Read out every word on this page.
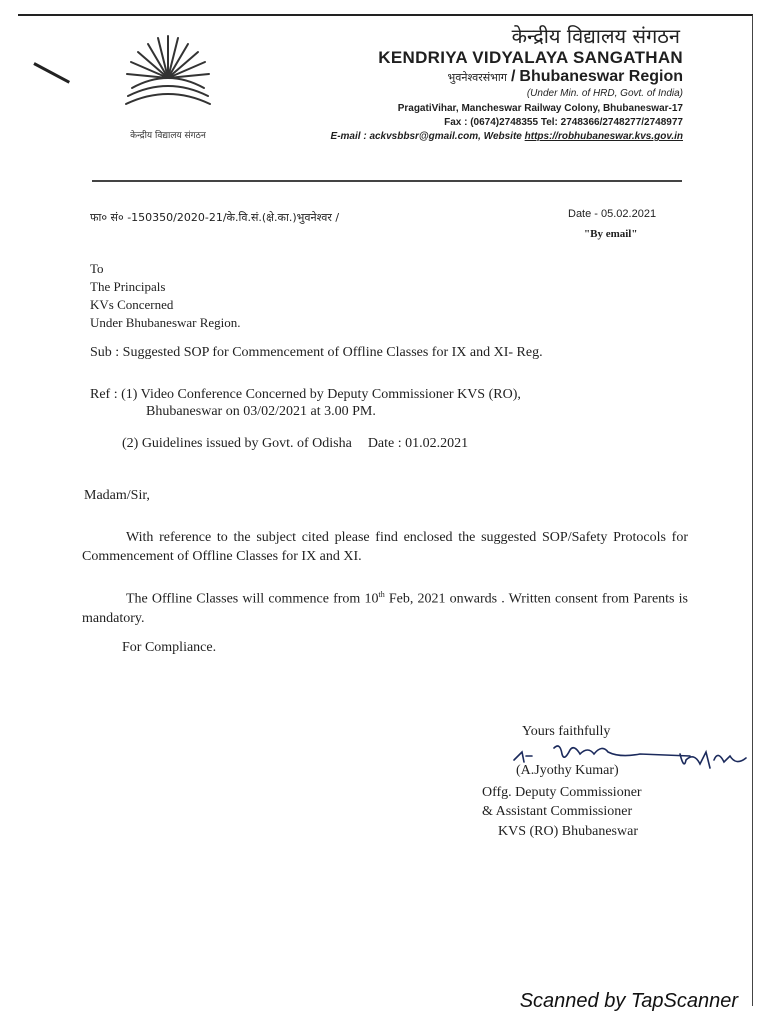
केन्द्रीय विद्यालय संगठन
केन्द्रीय विद्यालय संगठन
KENDRIYA VIDYALAYA SANGATHAN
भुवनेश्वरसंभाग / Bhubaneswar Region
(Under Min. of HRD, Govt. of India)
PragatiVihar, Mancheswar Railway Colony, Bhubaneswar-17
Fax : (0674)2748355 Tel: 2748366/2748277/2748977
E-mail : ackvsbbsr@gmail.com, Website https://robhubaneswar.kvs.gov.in
फा० सं० -150350/2020-21/के.वि.सं.(क्षे.का.)भुवनेश्वर /	Date - 05.02.2021
"By email"
To
The Principals
KVs Concerned
Under Bhubaneswar Region.
Sub : Suggested SOP for Commencement of Offline Classes for IX and XI- Reg.
Ref : (1) Video Conference Concerned by Deputy Commissioner KVS (RO),
Bhubaneswar on 03/02/2021 at 3.00 PM.
(2) Guidelines issued by Govt. of Odisha Date : 01.02.2021
Madam/Sir,
With reference to the subject cited please find enclosed the suggested SOP/Safety Protocols for Commencement of Offline Classes for IX and XI.
The Offline Classes will commence from 10th Feb, 2021 onwards . Written consent from Parents is mandatory.
For Compliance.
Yours faithfully
(A.Jyothy Kumar)
Offg. Deputy Commissioner
& Assistant Commissioner
KVS (RO) Bhubaneswar
Scanned by TapScanner
